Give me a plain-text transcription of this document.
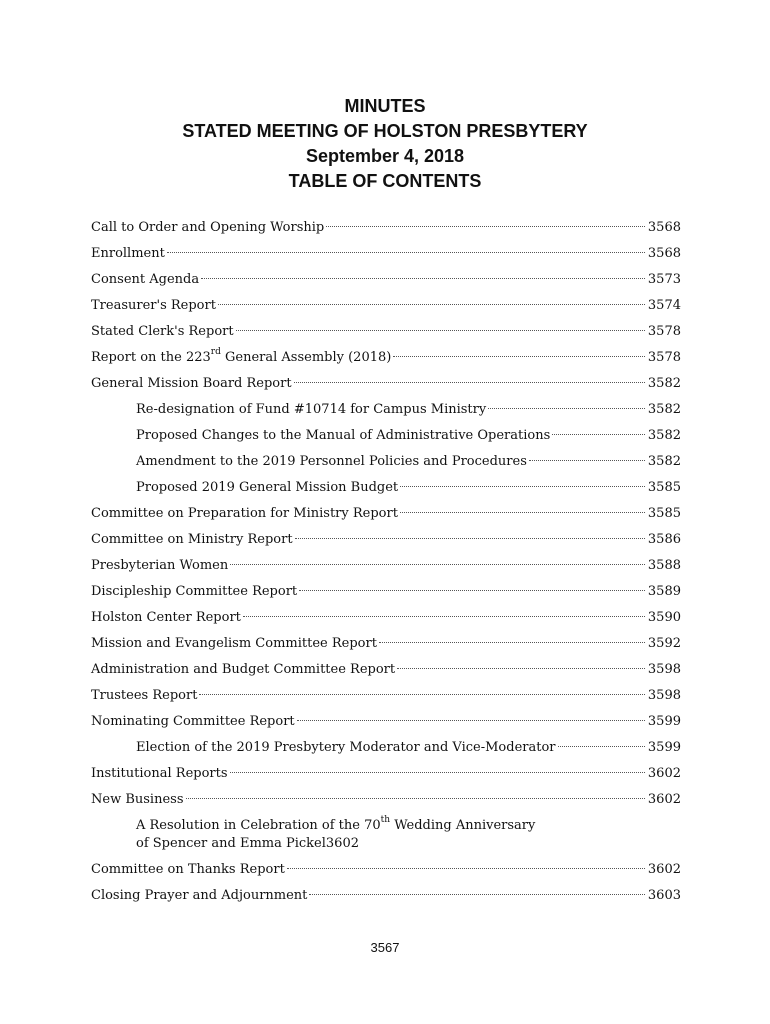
MINUTES
STATED MEETING OF HOLSTON PRESBYTERY
September 4, 2018
TABLE OF CONTENTS
Call to Order and Opening Worship	3568
Enrollment	3568
Consent Agenda	3573
Treasurer's Report	3574
Stated Clerk's Report	3578
Report on the 223rd General Assembly (2018)	3578
General Mission Board Report	3582
Re-designation of Fund #10714 for Campus Ministry	3582
Proposed Changes to the Manual of Administrative Operations	3582
Amendment to the 2019 Personnel Policies and Procedures	3582
Proposed 2019 General Mission Budget	3585
Committee on Preparation for Ministry Report	3585
Committee on Ministry Report	3586
Presbyterian Women	3588
Discipleship Committee Report	3589
Holston Center Report	3590
Mission and Evangelism Committee Report	3592
Administration and Budget Committee Report	3598
Trustees Report	3598
Nominating Committee Report	3599
Election of the 2019 Presbytery Moderator and Vice-Moderator	3599
Institutional Reports	3602
New Business	3602
A Resolution in Celebration of the 70th Wedding Anniversary
of Spencer and Emma Pickel 3602
Committee on Thanks Report	3602
Closing Prayer and Adjournment	3603
3567
